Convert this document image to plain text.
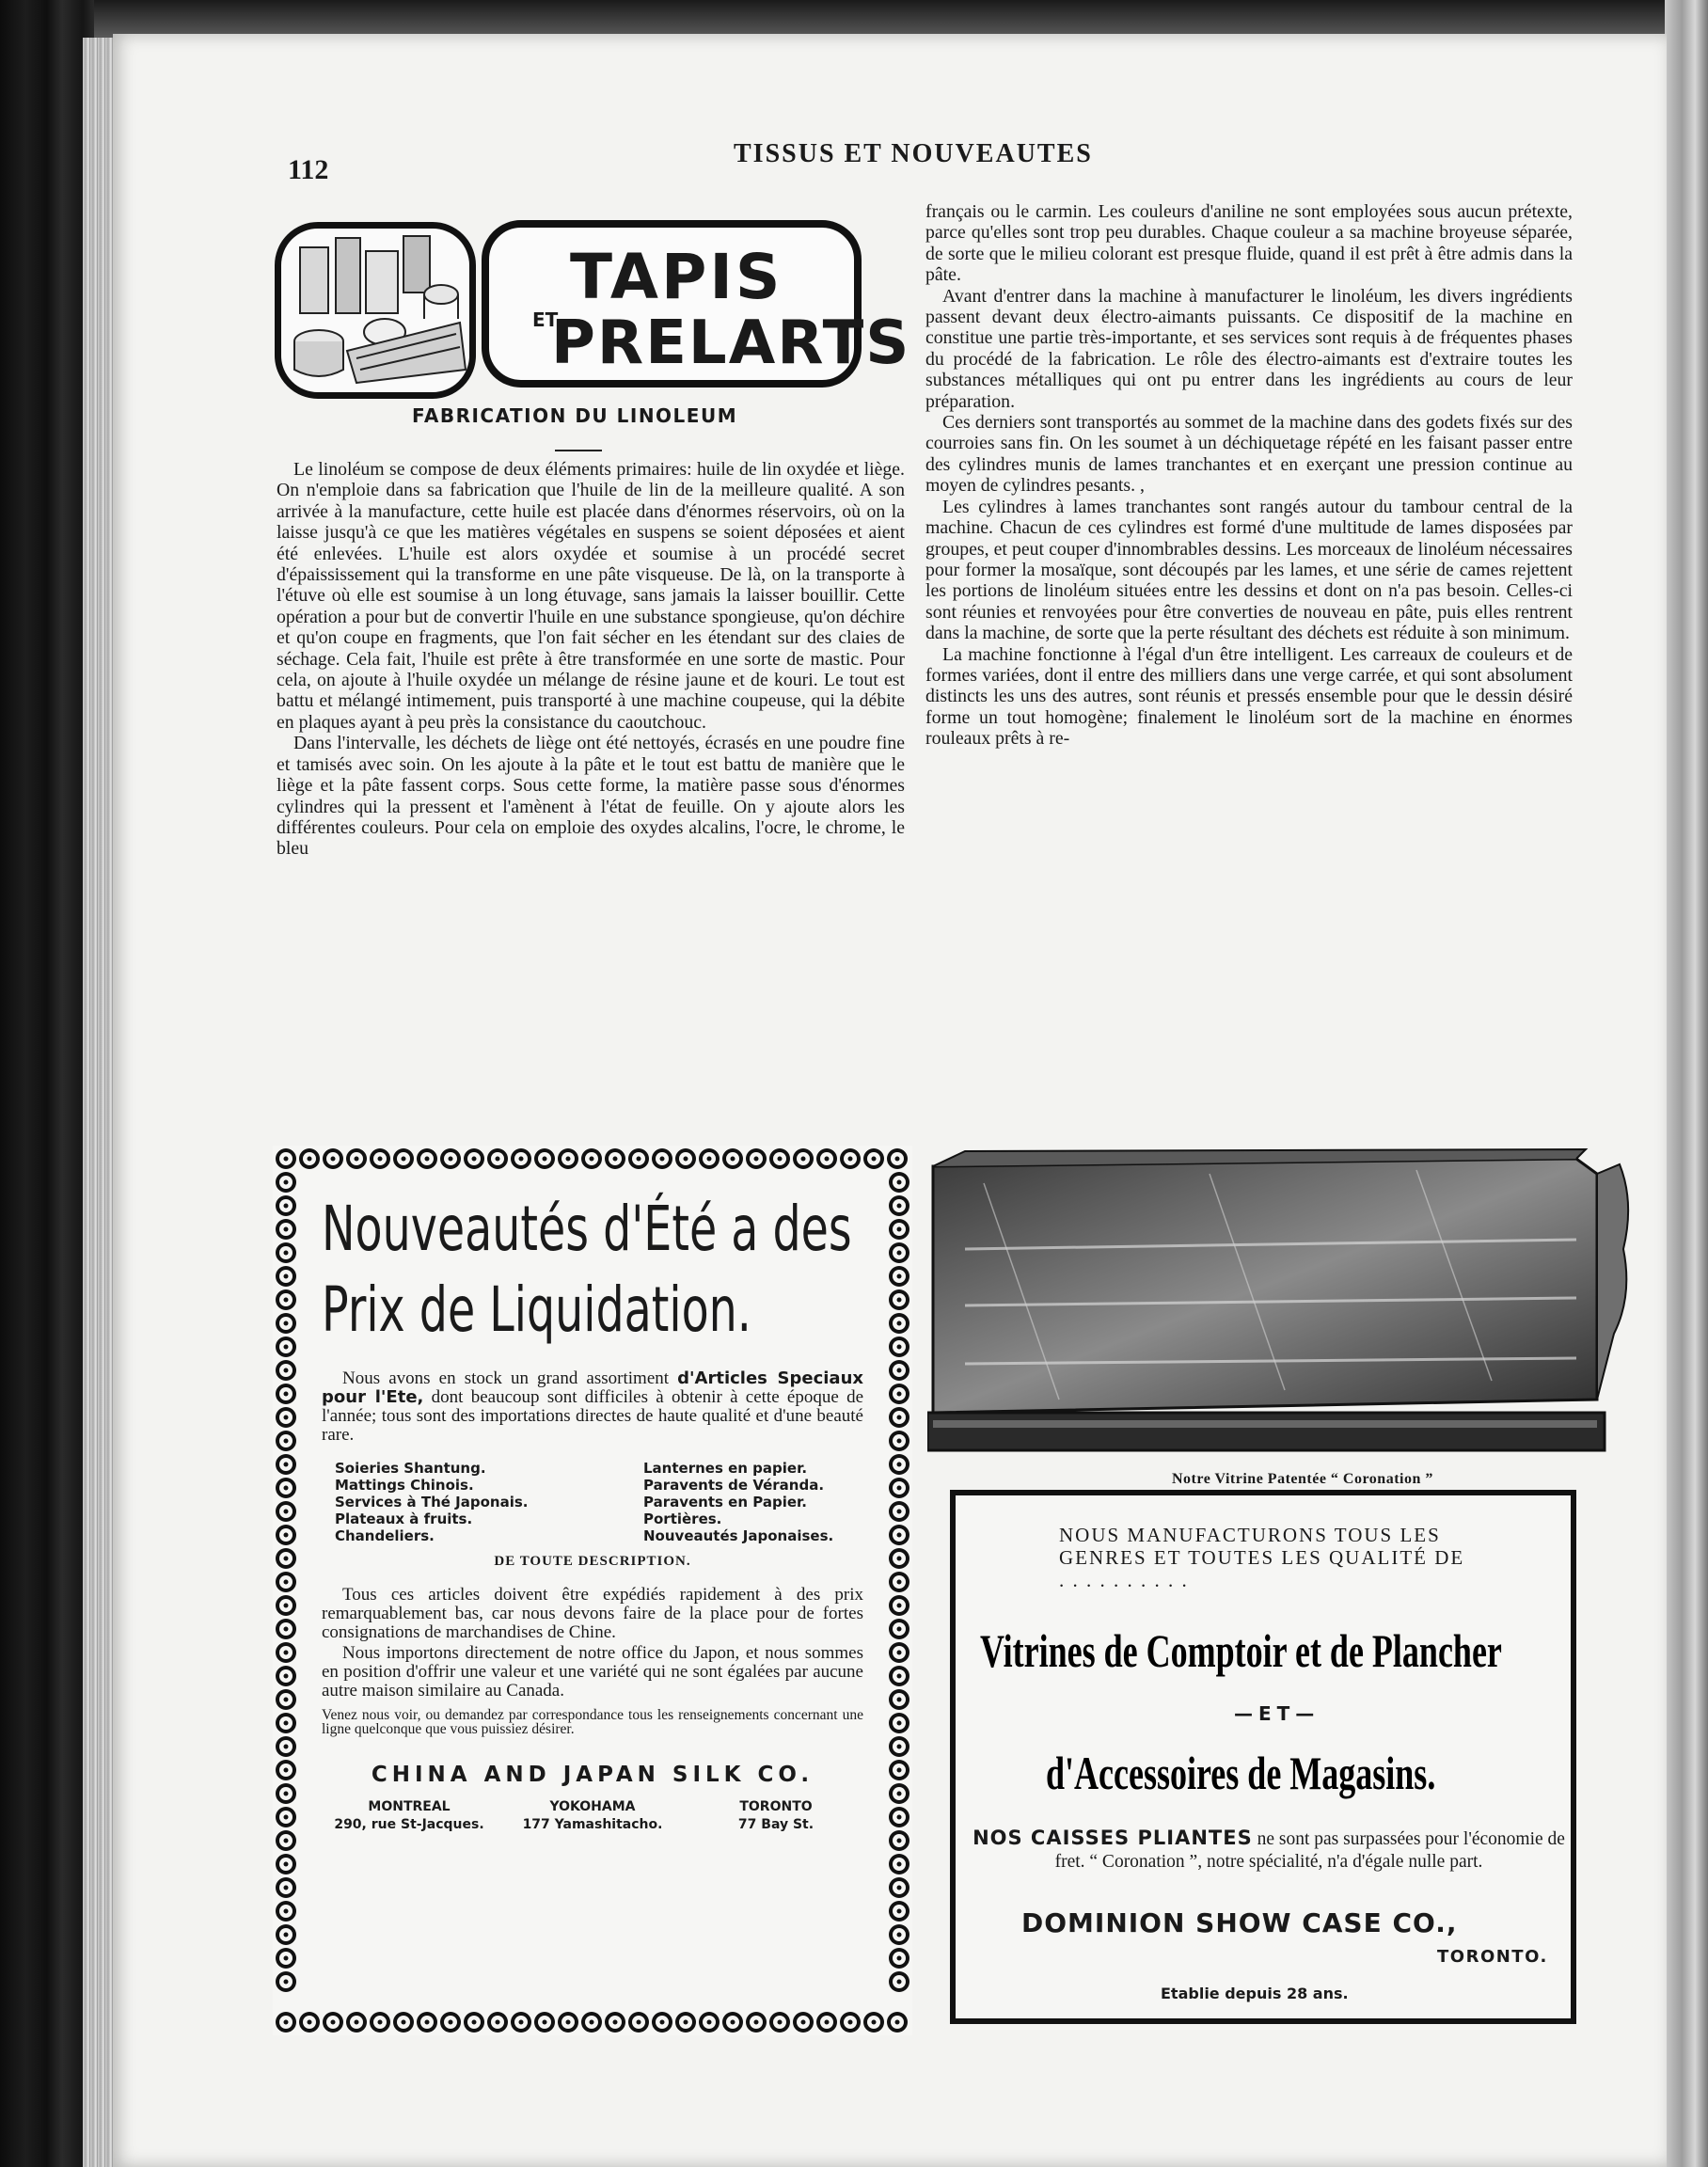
112
TISSUS ET NOUVEAUTES
TAPIS
ET
PRELARTS
FABRICATION DU LINOLEUM

Le linoléum se compose de deux éléments primaires: huile de lin oxydée et liège. On n'emploie dans sa fabrication que l'huile de lin de la meilleure qualité. A son arrivée à la manufacture, cette huile est placée dans d'énormes réservoirs, où on la laisse jusqu'à ce que les matières végétales en suspens se soient déposées et aient été enlevées. L'huile est alors oxydée et soumise à un procédé secret d'épaississement qui la transforme en une pâte visqueuse. De là, on la transporte à l'étuve où elle est soumise à un long étuvage, sans jamais la laisser bouillir. Cette opération a pour but de convertir l'huile en une substance spongieuse, qu'on déchire et qu'on coupe en fragments, que l'on fait sécher en les étendant sur des claies de séchage. Cela fait, l'huile est prête à être transformée en une sorte de mastic. Pour cela, on ajoute à l'huile oxydée un mélange de résine jaune et de kouri. Le tout est battu et mélangé intimement, puis transporté à une machine coupeuse, qui la débite en plaques ayant à peu près la consistance du caoutchouc.

Dans l'intervalle, les déchets de liège ont été nettoyés, écrasés en une poudre fine et tamisés avec soin. On les ajoute à la pâte et le tout est battu de manière que le liège et la pâte fassent corps. Sous cette forme, la matière passe sous d'énormes cylindres qui la pressent et l'amènent à l'état de feuille. On y ajoute alors les différentes couleurs. Pour cela on emploie des oxydes alcalins, l'ocre, le chrome, le bleu

français ou le carmin. Les couleurs d'aniline ne sont employées sous aucun prétexte, parce qu'elles sont trop peu durables. Chaque couleur a sa machine broyeuse séparée, de sorte que le milieu colorant est presque fluide, quand il est prêt à être admis dans la pâte.

Avant d'entrer dans la machine à manufacturer le linoléum, les divers ingrédients passent devant deux électro-aimants puissants. Ce dispositif de la machine en constitue une partie très-importante, et ses services sont requis à de fréquentes phases du procédé de la fabrication. Le rôle des électro-aimants est d'extraire toutes les substances métalliques qui ont pu entrer dans les ingrédients au cours de leur préparation.

Ces derniers sont transportés au sommet de la machine dans des godets fixés sur des courroies sans fin. On les soumet à un déchiquetage répété en les faisant passer entre des cylindres munis de lames tranchantes et en exerçant une pression continue au moyen de cylindres pesants. ,

Les cylindres à lames tranchantes sont rangés autour du tambour central de la machine. Chacun de ces cylindres est formé d'une multitude de lames disposées par groupes, et peut couper d'innombrables dessins. Les morceaux de linoléum nécessaires pour former la mosaïque, sont découpés par les lames, et une série de cames rejettent les portions de linoléum situées entre les dessins et dont on n'a pas besoin. Celles-ci sont réunies et renvoyées pour être converties de nouveau en pâte, puis elles rentrent dans la machine, de sorte que la perte résultant des déchets est réduite à son minimum.

La machine fonctionne à l'égal d'un être intelligent. Les carreaux de couleurs et de formes variées, dont il entre des milliers dans une verge carrée, et qui sont absolument distincts les uns des autres, sont réunis et pressés ensemble pour que le dessin désiré forme un tout homogène; finalement le linoléum sort de la machine en énormes rouleaux prêts à re-

Nouveautés d'Été a des
Prix de Liquidation.

Nous avons en stock un grand assortiment d'Articles Speciaux pour l'Ete, dont beaucoup sont difficiles à obtenir à cette époque de l'année; tous sont des importations directes de haute qualité et d'une beauté rare.

Soieries Shantung.
Mattings Chinois.
Services à Thé Japonais.
Plateaux à fruits.
Chandeliers.
Lanternes en papier.
Paravents de Véranda.
Paravents en Papier.
Portières.
Nouveautés Japonaises.
DE TOUTE DESCRIPTION.

Tous ces articles doivent être expédiés rapidement à des prix remarquablement bas, car nous devons faire de la place pour de fortes consignations de marchandises de Chine.

Nous importons directement de notre office du Japon, et nous sommes en position d'offrir une valeur et une variété qui ne sont égalées par aucune autre maison similaire au Canada.

Venez nous voir, ou demandez par correspondance tous les renseignements concernant une ligne quelconque que vous puissiez désirer.
CHINA AND JAPAN SILK CO.
MONTREAL
290, rue St-Jacques.
YOKOHAMA
177 Yamashitacho.
TORONTO
77 Bay St.
Notre Vitrine Patentée “ Coronation ”
NOUS MANUFACTURONS TOUS LES GENRES ET TOUTES LES QUALITÉ DE . . . . . . . . . .
Vitrines de Comptoir et de Plancher
—ET—
d'Accessoires de Magasins.
NOS CAISSES PLIANTES ne sont pas surpassées pour l'économie de fret. “ Coronation ”, notre spécialité, n'a d'égale nulle part.
DOMINION SHOW CASE CO.,
TORONTO.
Etablie depuis 28 ans.
